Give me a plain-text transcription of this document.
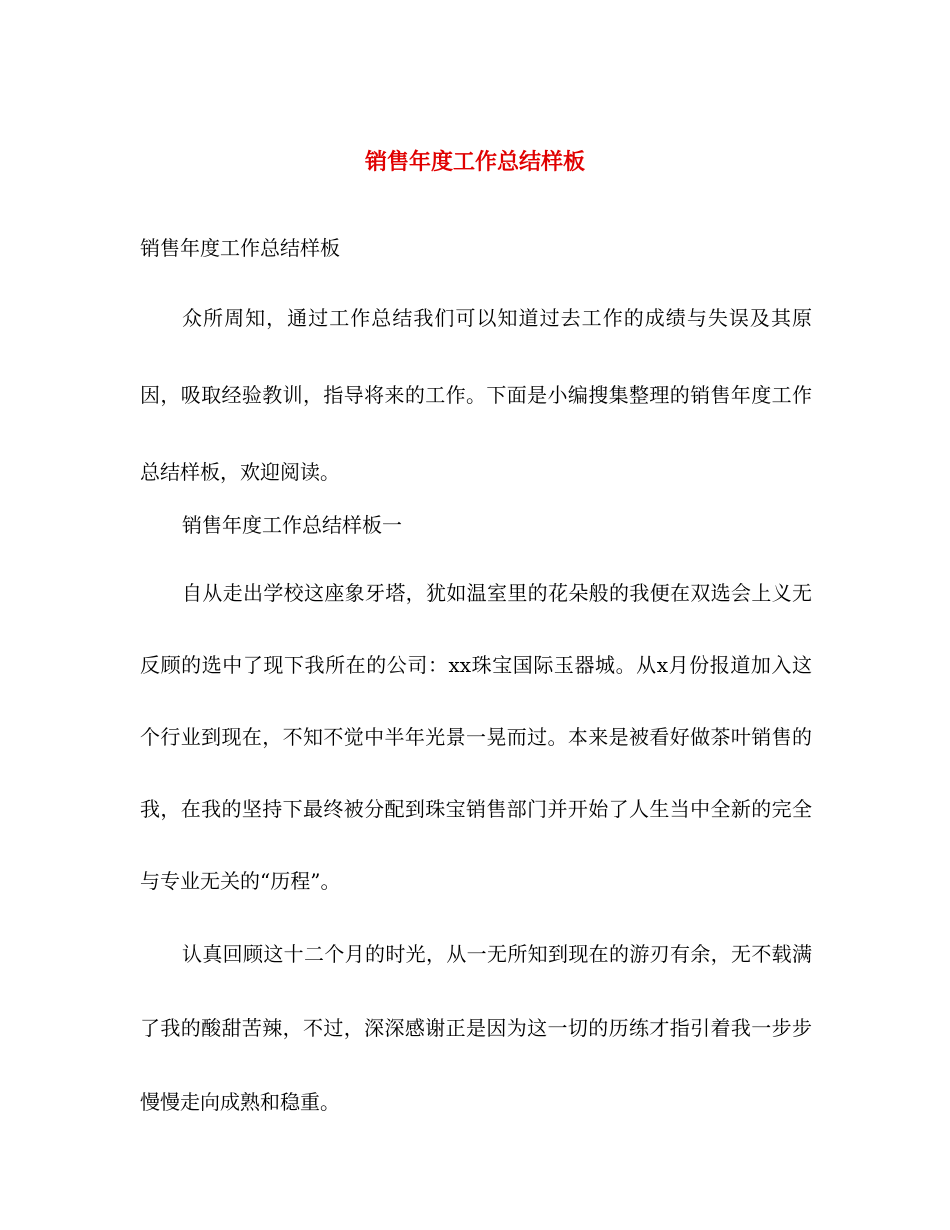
销售年度工作总结样板

销售年度工作总结样板

众所周知，通过工作总结我们可以知道过去工作的成绩与失误及其原因，吸取经验教训，指导将来的工作。下面是小编搜集整理的销售年度工作总结样板，欢迎阅读。

销售年度工作总结样板一

自从走出学校这座象牙塔，犹如温室里的花朵般的我便在双选会上义无反顾的选中了现下我所在的公司：xx珠宝国际玉器城。从x月份报道加入这个行业到现在，不知不觉中半年光景一晃而过。本来是被看好做茶叶销售的我，在我的坚持下最终被分配到珠宝销售部门并开始了人生当中全新的完全与专业无关的“历程”。

认真回顾这十二个月的时光，从一无所知到现在的游刃有余，无不载满了我的酸甜苦辣，不过，深深感谢正是因为这一切的历练才指引着我一步步慢慢走向成熟和稳重。
